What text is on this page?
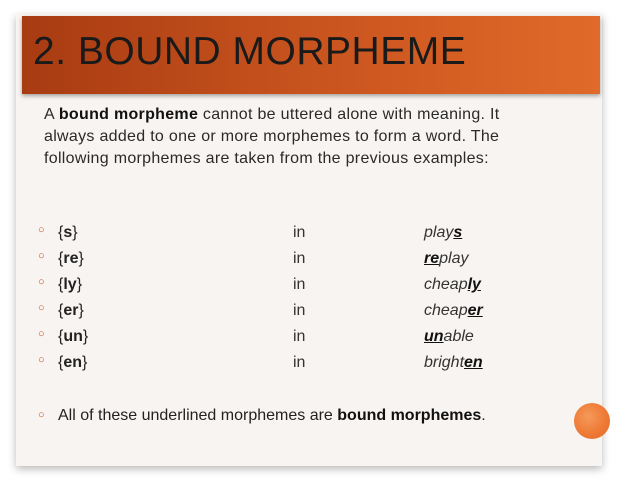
2. BOUND MORPHEME

A bound morpheme cannot be uttered alone with meaning. It always added to one or more morphemes to form a word. The following morphemes are taken from the previous examples:

○ {s}	in	plays
○ {re}	in	replay
○ {ly}	in	cheaply
○ {er}	in	cheaper
○ {un}	in	unable
○ {en}	in	brighten
○ All of these underlined morphemes are bound morphemes.
